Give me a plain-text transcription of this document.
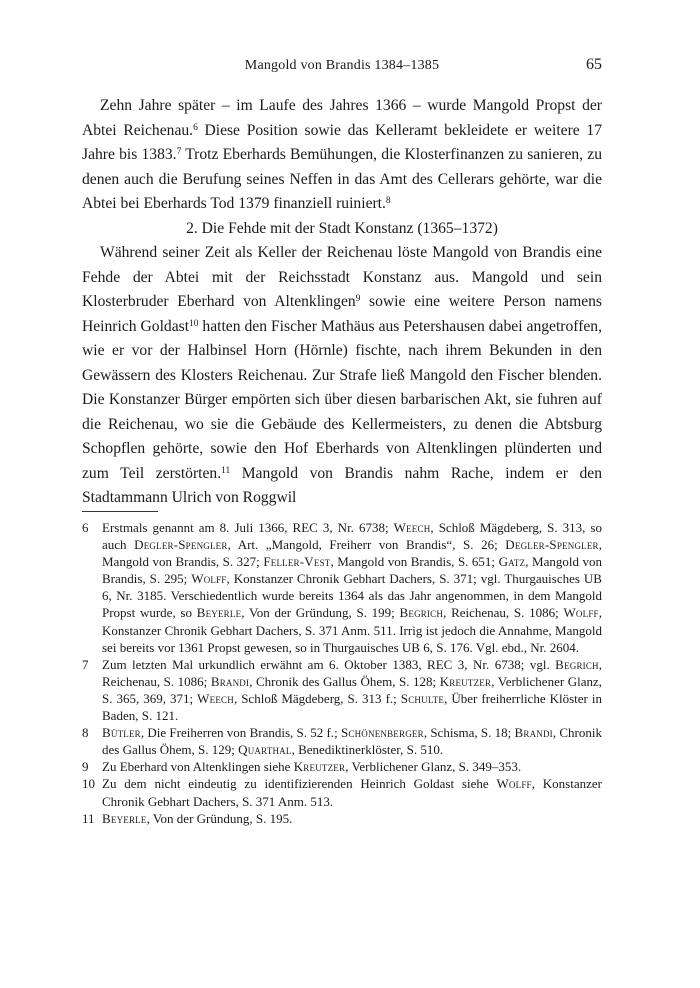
Mangold von Brandis 1384–1385	65

Zehn Jahre später – im Laufe des Jahres 1366 – wurde Mangold Propst der Abtei Reichenau.$^6$ Diese Position sowie das Kelleramt bekleidete er weitere 17 Jahre bis 1383.$^7$ Trotz Eberhards Bemühungen, die Klosterfinanzen zu sanieren, zu denen auch die Berufung seines Neffen in das Amt des Cellerars gehörte, war die Abtei bei Eberhards Tod 1379 finanziell ruiniert.$^8$

2. Die Fehde mit der Stadt Konstanz (1365–1372)

Während seiner Zeit als Keller der Reichenau löste Mangold von Brandis eine Fehde der Abtei mit der Reichsstadt Konstanz aus. Mangold und sein Klosterbruder Eberhard von Altenklingen$^9$ sowie eine weitere Person namens Heinrich Goldast$^{10}$ hatten den Fischer Mathäus aus Petershausen dabei angetroffen, wie er vor der Halbinsel Horn (Hörnle) fischte, nach ihrem Bekunden in den Gewässern des Klosters Reichenau. Zur Strafe ließ Mangold den Fischer blenden. Die Konstanzer Bürger empörten sich über diesen barbarischen Akt, sie fuhren auf die Reichenau, wo sie die Gebäude des Kellermeisters, zu denen die Abtsburg Schopflen gehörte, sowie den Hof Eberhards von Altenklingen plünderten und zum Teil zerstörten.$^{11}$ Mangold von Brandis nahm Rache, indem er den Stadtammann Ulrich von Roggwil

6	Erstmals genannt am 8. Juli 1366, REC 3, Nr. 6738; Weech, Schloß Mägdeberg, S. 313, so auch Degler-Spengler, Art. „Mangold, Freiherr von Brandis“, S. 26; Degler-Spengler, Mangold von Brandis, S. 327; Feller-Vest, Mangold von Brandis, S. 651; Gatz, Mangold von Brandis, S. 295; Wolff, Konstanzer Chronik Gebhart Dachers, S. 371; vgl. Thurgauisches UB 6, Nr. 3185. Verschiedentlich wurde bereits 1364 als das Jahr angenommen, in dem Mangold Propst wurde, so Beyerle, Von der Gründung, S. 199; Begrich, Reichenau, S. 1086; Wolff, Konstanzer Chronik Gebhart Dachers, S. 371 Anm. 511. Irrig ist jedoch die Annahme, Mangold sei bereits vor 1361 Propst gewesen, so in Thurgauisches UB 6, S. 176. Vgl. ebd., Nr. 2604.
7	Zum letzten Mal urkundlich erwähnt am 6. Oktober 1383, REC 3, Nr. 6738; vgl. Begrich, Reichenau, S. 1086; Brandi, Chronik des Gallus Öhem, S. 128; Kreutzer, Verblichener Glanz, S. 365, 369, 371; Weech, Schloß Mägdeberg, S. 313 f.; Schulte, Über freiherrliche Klöster in Baden, S. 121.
8	Bütler, Die Freiherren von Brandis, S. 52 f.; Schönenberger, Schisma, S. 18; Brandi, Chronik des Gallus Öhem, S. 129; Quarthal, Benediktinerklöster, S. 510.
9	Zu Eberhard von Altenklingen siehe Kreutzer, Verblichener Glanz, S. 349–353.
10 Zu dem nicht eindeutig zu identifizierenden Heinrich Goldast siehe Wolff, Konstanzer Chronik Gebhart Dachers, S. 371 Anm. 513.
11 Beyerle, Von der Gründung, S. 195.
